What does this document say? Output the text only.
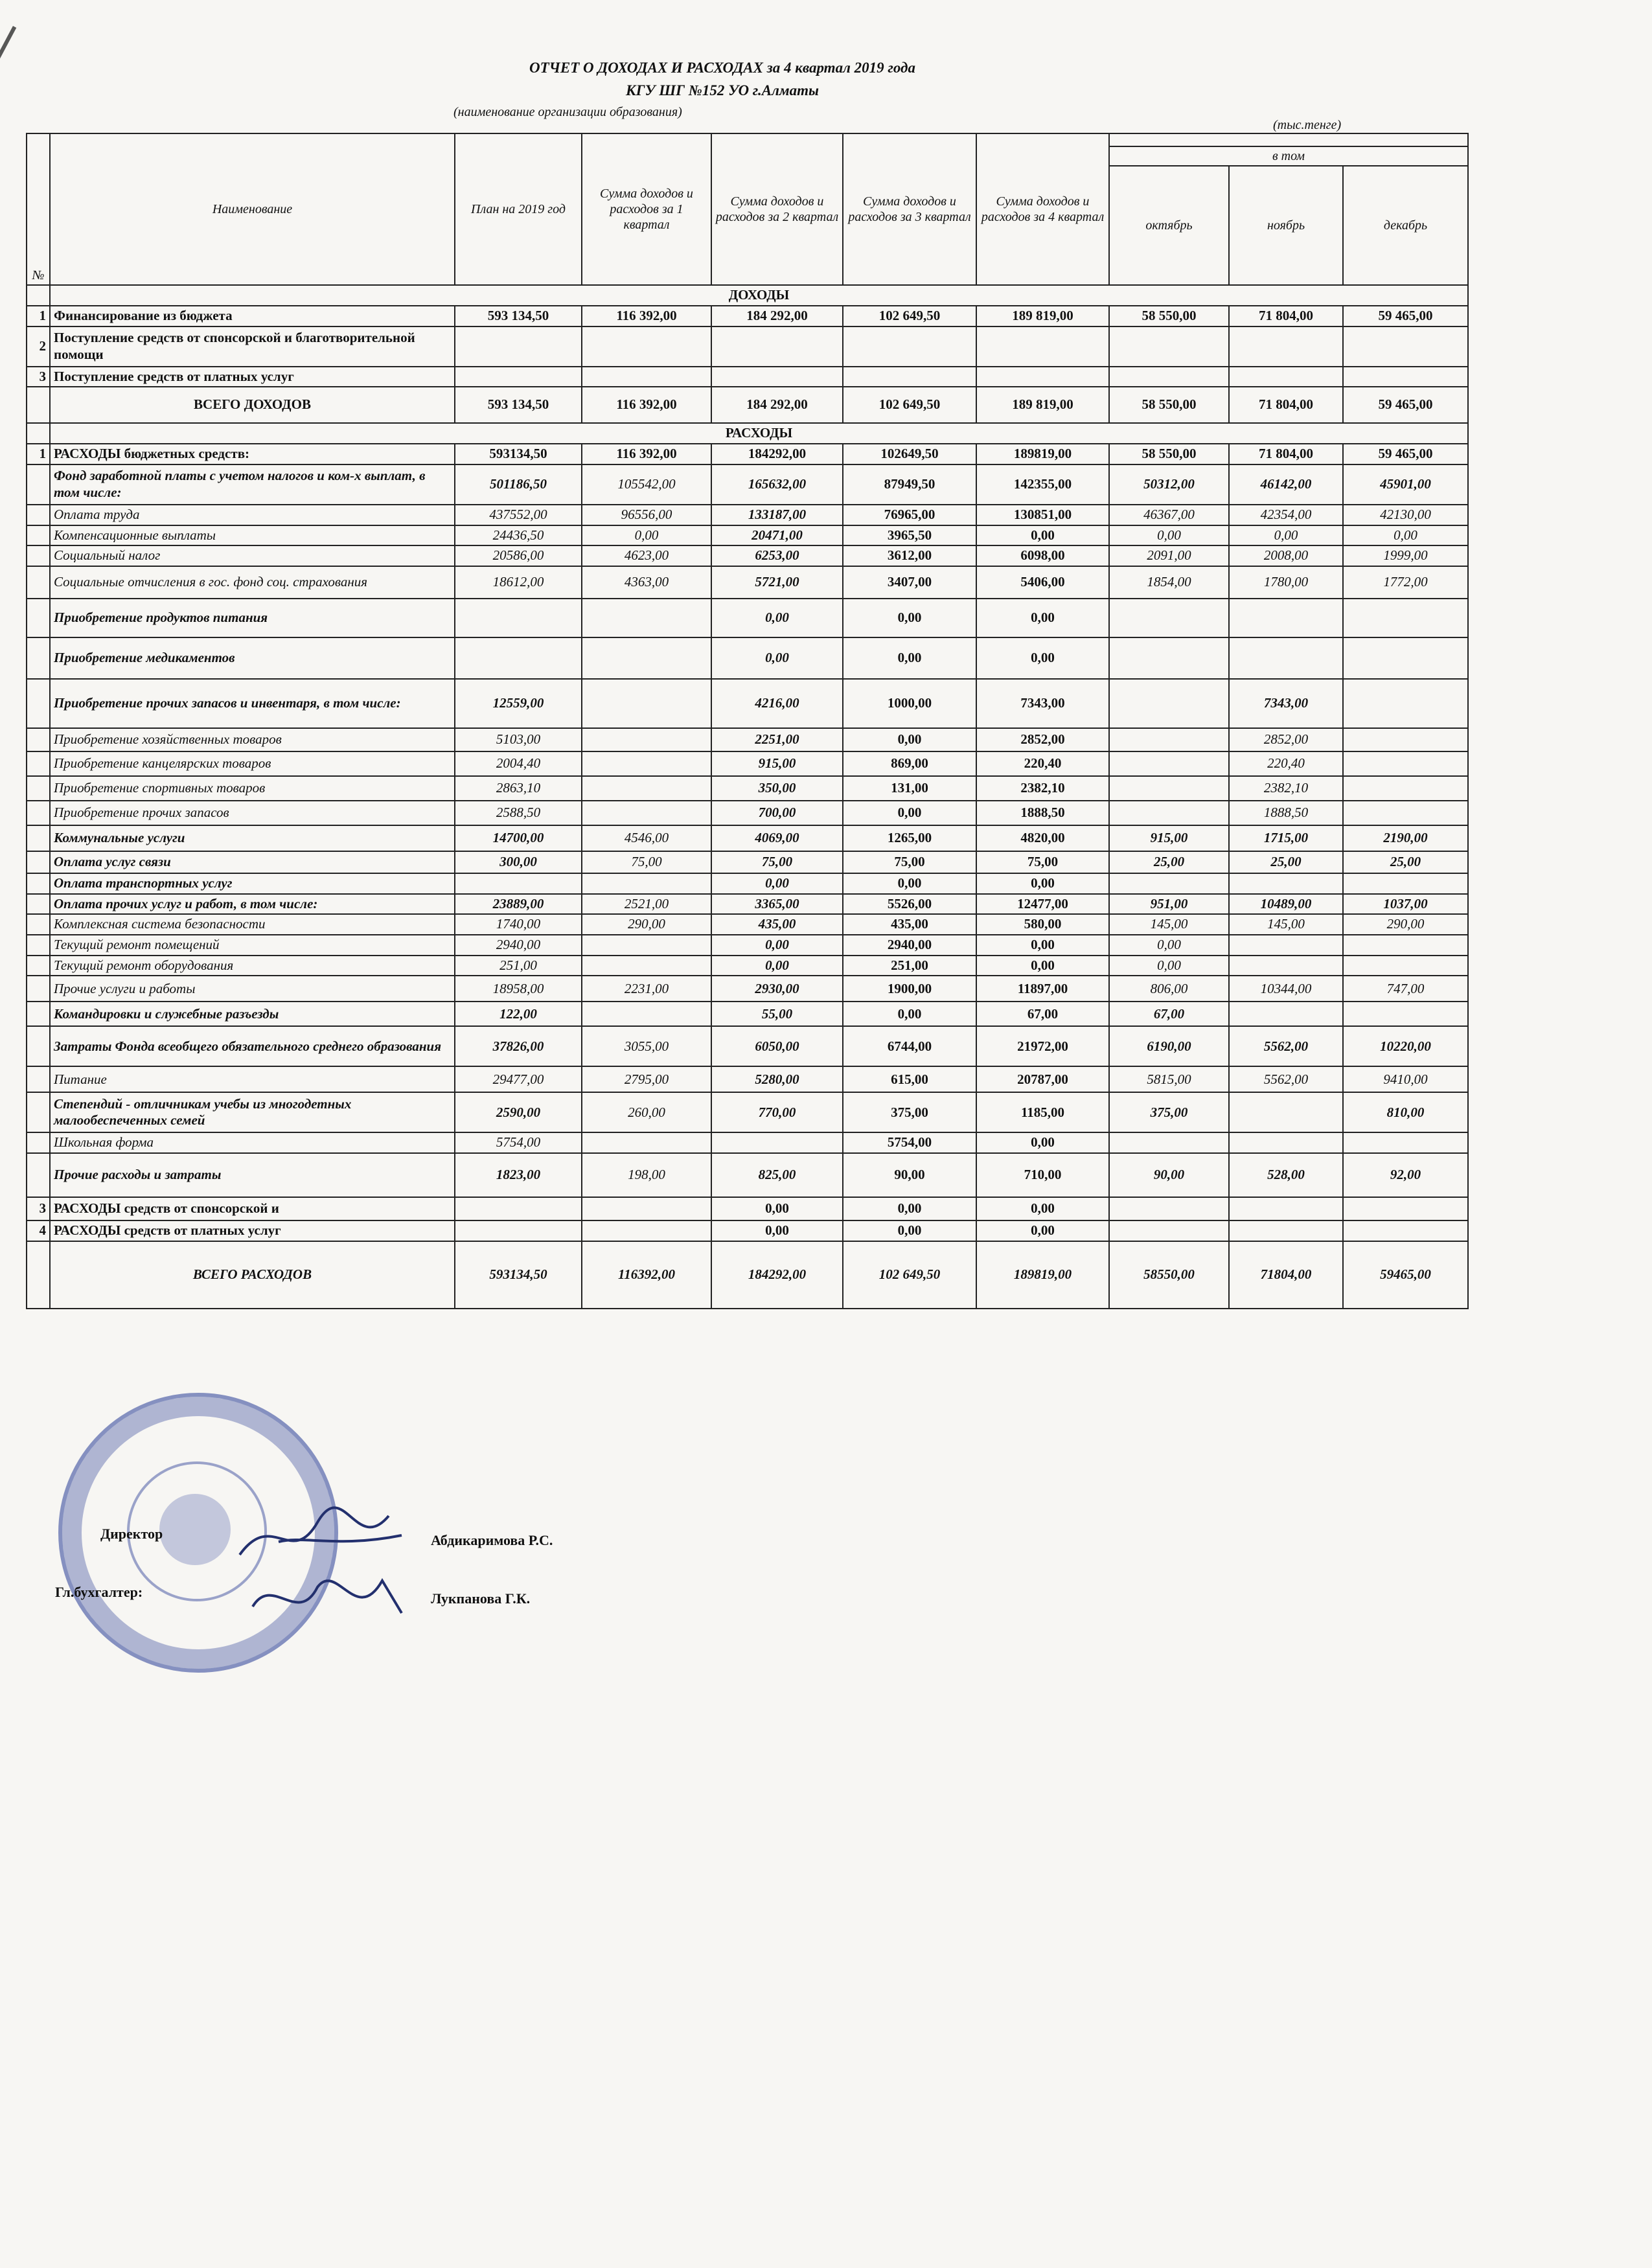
ОТЧЕТ О ДОХОДАХ И РАСХОДАХ за 4 квартал 2019 года
КГУ ШГ №152 УО г.Алматы
(наименование организации образования)
(тыс.тенге)
№	Наименование	План на 2019 год	Сумма доходов и расходов за 1 квартал	Сумма доходов и расходов за 2 квартал	Сумма доходов и расходов за 3 квартал	Сумма доходов и расходов за 4 квартал			
							в том		
							октябрь	ноябрь	декабрь
	ДОХОДЫ								
1	Финансирование из бюджета	593 134,50	116 392,00	184 292,00	102 649,50	189 819,00	58 550,00	71 804,00	59 465,00
2	Поступление средств от спонсорской и благотворительной помощи								
3	Поступление средств от платных услуг								
	ВСЕГО ДОХОДОВ	593 134,50	116 392,00	184 292,00	102 649,50	189 819,00	58 550,00	71 804,00	59 465,00
	РАСХОДЫ								
1	РАСХОДЫ бюджетных средств:	593134,50	116 392,00	184292,00	102649,50	189819,00	58 550,00	71 804,00	59 465,00
	Фонд заработной платы с учетом налогов и ком-х выплат, в том числе:	501186,50	105542,00	165632,00	87949,50	142355,00	50312,00	46142,00	45901,00
	Оплата труда	437552,00	96556,00	133187,00	76965,00	130851,00	46367,00	42354,00	42130,00
	Компенсационные выплаты	24436,50	0,00	20471,00	3965,50	0,00	0,00	0,00	0,00
	Социальный налог	20586,00	4623,00	6253,00	3612,00	6098,00	2091,00	2008,00	1999,00
	Социальные отчисления в гос. фонд соц. страхования	18612,00	4363,00	5721,00	3407,00	5406,00	1854,00	1780,00	1772,00
	Приобретение продуктов питания			0,00	0,00	0,00			
	Приобретение медикаментов			0,00	0,00	0,00			
	Приобретение прочих запасов и инвентаря, в том числе:	12559,00		4216,00	1000,00	7343,00		7343,00	
	Приобретение хозяйственных товаров	5103,00		2251,00	0,00	2852,00		2852,00	
	Приобретение канцелярских товаров	2004,40		915,00	869,00	220,40		220,40	
	Приобретение спортивных товаров	2863,10		350,00	131,00	2382,10		2382,10	
	Приобретение прочих запасов	2588,50		700,00	0,00	1888,50		1888,50	
	Коммунальные услуги	14700,00	4546,00	4069,00	1265,00	4820,00	915,00	1715,00	2190,00
	Оплата услуг связи	300,00	75,00	75,00	75,00	75,00	25,00	25,00	25,00
	Оплата транспортных услуг			0,00	0,00	0,00			
	Оплата прочих услуг и работ, в том числе:	23889,00	2521,00	3365,00	5526,00	12477,00	951,00	10489,00	1037,00
	Комплексная система безопасности	1740,00	290,00	435,00	435,00	580,00	145,00	145,00	290,00
	Текущий ремонт помещений	2940,00		0,00	2940,00	0,00	0,00		
	Текущий ремонт оборудования	251,00		0,00	251,00	0,00	0,00		
	Прочие услуги и работы	18958,00	2231,00	2930,00	1900,00	11897,00	806,00	10344,00	747,00
	Командировки и служебные разъезды	122,00		55,00	0,00	67,00	67,00		
	Затраты Фонда всеобщего обязательного среднего образования	37826,00	3055,00	6050,00	6744,00	21972,00	6190,00	5562,00	10220,00
	Питание	29477,00	2795,00	5280,00	615,00	20787,00	5815,00	5562,00	9410,00
	Степендий - отличникам учебы из многодетных малообеспеченных семей	2590,00	260,00	770,00	375,00	1185,00	375,00		810,00
	Школьная форма	5754,00			5754,00	0,00			
	Прочие расходы и затраты	1823,00	198,00	825,00	90,00	710,00	90,00	528,00	92,00
3	РАСХОДЫ средств от спонсорской и			0,00	0,00	0,00			
4	РАСХОДЫ средств от платных услуг			0,00	0,00	0,00			
	ВСЕГО РАСХОДОВ	593134,50	116392,00	184292,00	102 649,50	189819,00	58550,00	71804,00	59465,00
Директор	Абдикаримова Р.С.
Гл.бухгалтер:	Лукпанова Г.К.
